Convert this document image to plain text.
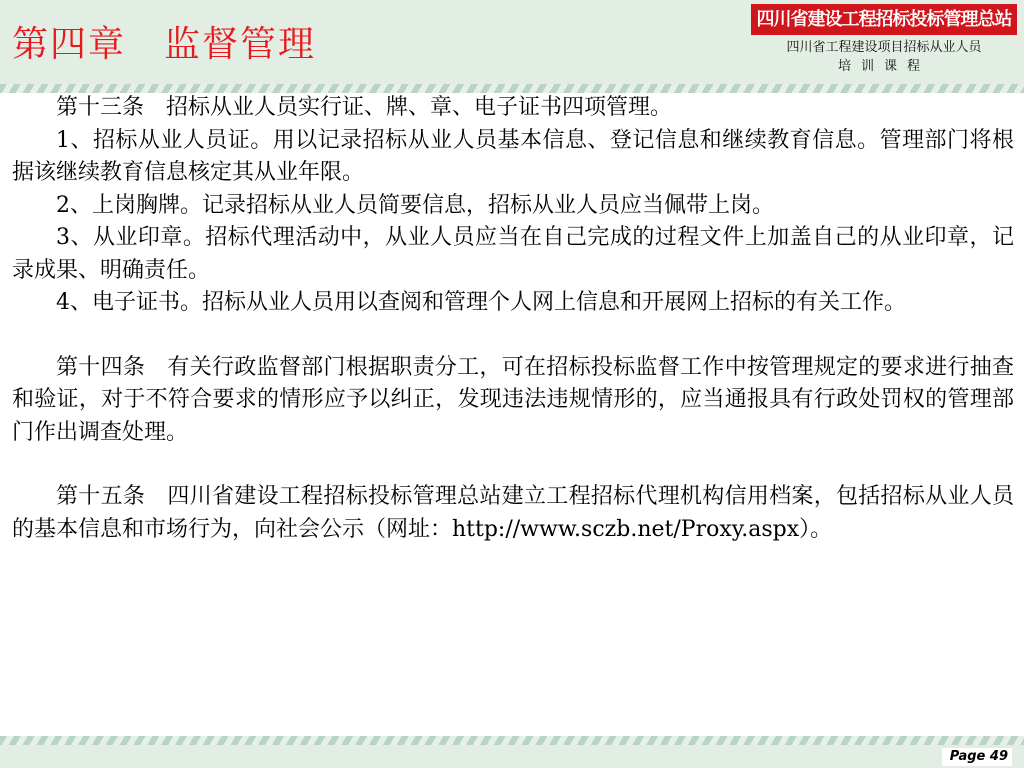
第四章　监督管理
四川省建设工程招标投标管理总站
四川省工程建设项目招标从业人员
培训课程

第十三条　招标从业人员实行证、牌、章、电子证书四项管理。

1、招标从业人员证。用以记录招标从业人员基本信息、登记信息和继续教育信息。管理部门将根据该继续教育信息核定其从业年限。

2、上岗胸牌。记录招标从业人员简要信息，招标从业人员应当佩带上岗。

3、从业印章。招标代理活动中，从业人员应当在自己完成的过程文件上加盖自己的从业印章，记录成果、明确责任。

4、电子证书。招标从业人员用以查阅和管理个人网上信息和开展网上招标的有关工作。

第十四条　有关行政监督部门根据职责分工，可在招标投标监督工作中按管理规定的要求进行抽查和验证，对于不符合要求的情形应予以纠正，发现违法违规情形的，应当通报具有行政处罚权的管理部门作出调查处理。

第十五条　四川省建设工程招标投标管理总站建立工程招标代理机构信用档案，包括招标从业人员的基本信息和市场行为，向社会公示（网址：http://www.sczb.net/Proxy.aspx）。

Page 49
